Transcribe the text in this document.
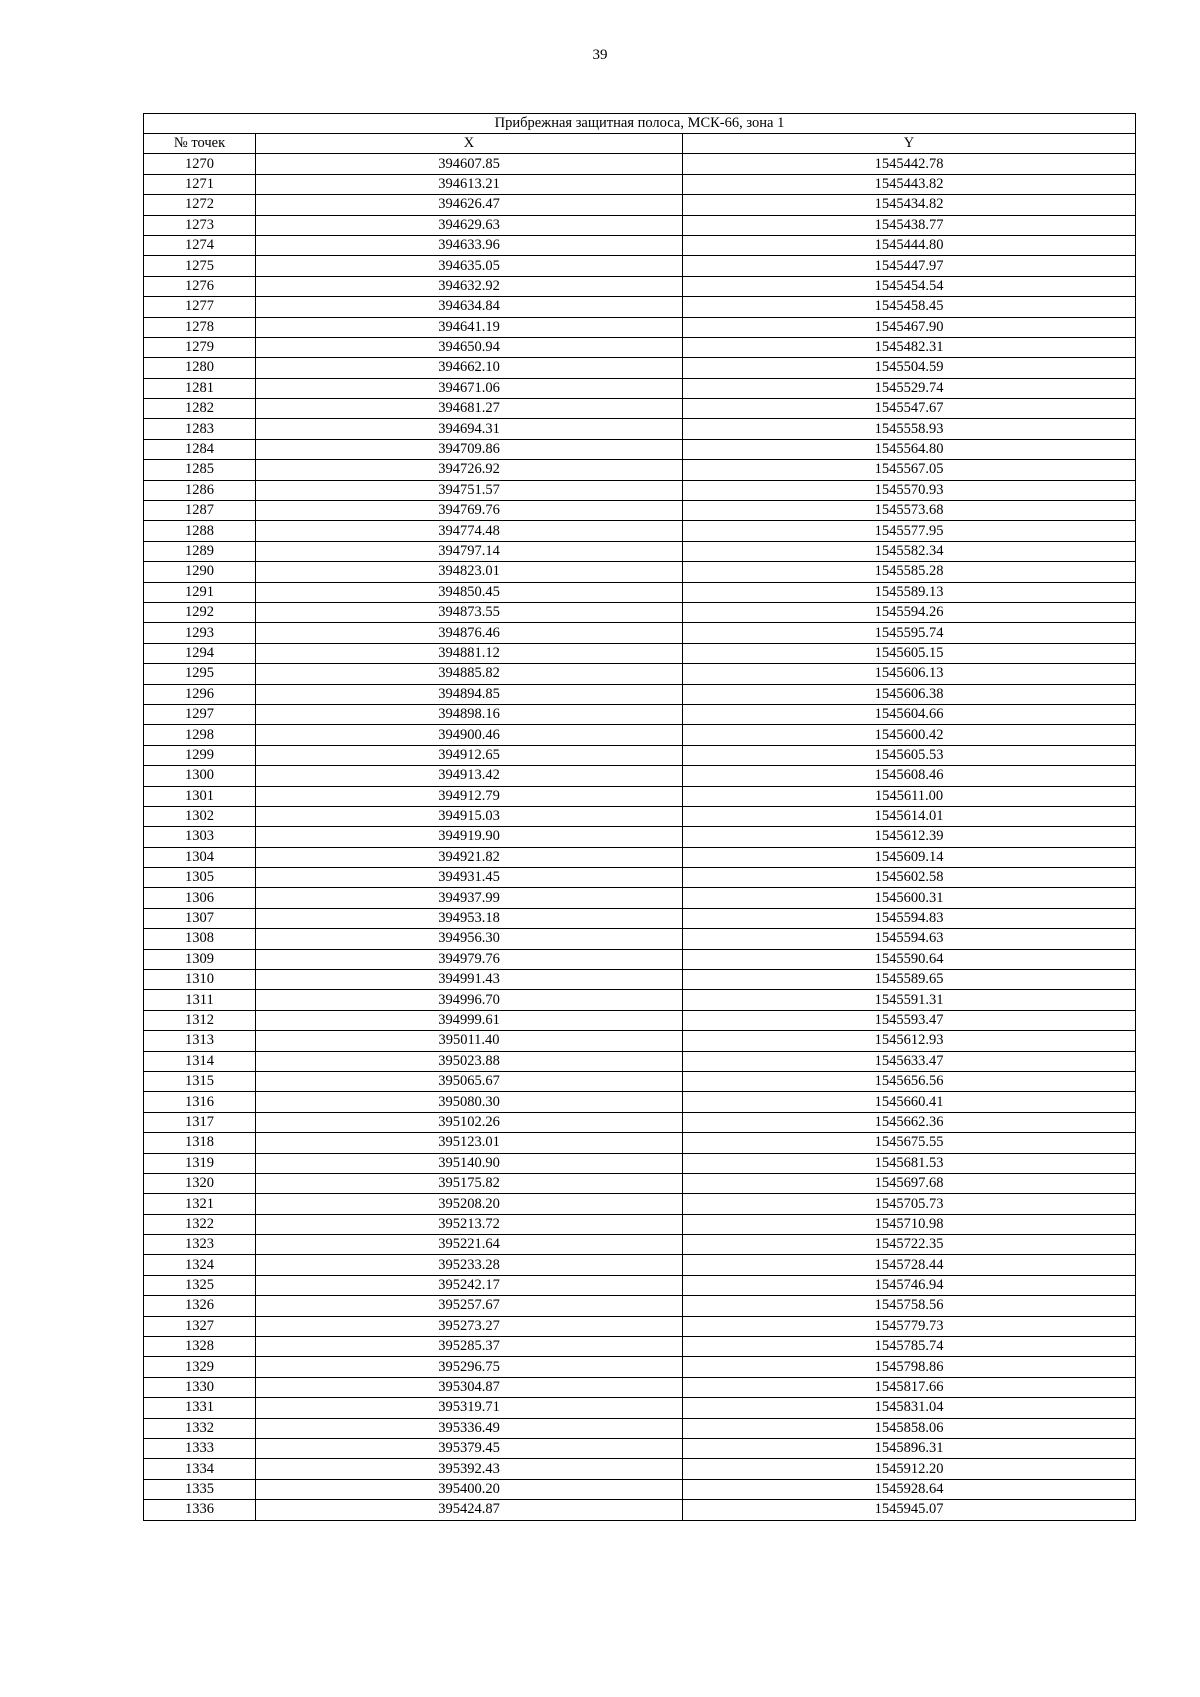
39
Прибрежная защитная полоса, МСК-66, зона 1		
№ точек	X	Y
1270	394607.85	1545442.78
1271	394613.21	1545443.82
1272	394626.47	1545434.82
1273	394629.63	1545438.77
1274	394633.96	1545444.80
1275	394635.05	1545447.97
1276	394632.92	1545454.54
1277	394634.84	1545458.45
1278	394641.19	1545467.90
1279	394650.94	1545482.31
1280	394662.10	1545504.59
1281	394671.06	1545529.74
1282	394681.27	1545547.67
1283	394694.31	1545558.93
1284	394709.86	1545564.80
1285	394726.92	1545567.05
1286	394751.57	1545570.93
1287	394769.76	1545573.68
1288	394774.48	1545577.95
1289	394797.14	1545582.34
1290	394823.01	1545585.28
1291	394850.45	1545589.13
1292	394873.55	1545594.26
1293	394876.46	1545595.74
1294	394881.12	1545605.15
1295	394885.82	1545606.13
1296	394894.85	1545606.38
1297	394898.16	1545604.66
1298	394900.46	1545600.42
1299	394912.65	1545605.53
1300	394913.42	1545608.46
1301	394912.79	1545611.00
1302	394915.03	1545614.01
1303	394919.90	1545612.39
1304	394921.82	1545609.14
1305	394931.45	1545602.58
1306	394937.99	1545600.31
1307	394953.18	1545594.83
1308	394956.30	1545594.63
1309	394979.76	1545590.64
1310	394991.43	1545589.65
1311	394996.70	1545591.31
1312	394999.61	1545593.47
1313	395011.40	1545612.93
1314	395023.88	1545633.47
1315	395065.67	1545656.56
1316	395080.30	1545660.41
1317	395102.26	1545662.36
1318	395123.01	1545675.55
1319	395140.90	1545681.53
1320	395175.82	1545697.68
1321	395208.20	1545705.73
1322	395213.72	1545710.98
1323	395221.64	1545722.35
1324	395233.28	1545728.44
1325	395242.17	1545746.94
1326	395257.67	1545758.56
1327	395273.27	1545779.73
1328	395285.37	1545785.74
1329	395296.75	1545798.86
1330	395304.87	1545817.66
1331	395319.71	1545831.04
1332	395336.49	1545858.06
1333	395379.45	1545896.31
1334	395392.43	1545912.20
1335	395400.20	1545928.64
1336	395424.87	1545945.07
